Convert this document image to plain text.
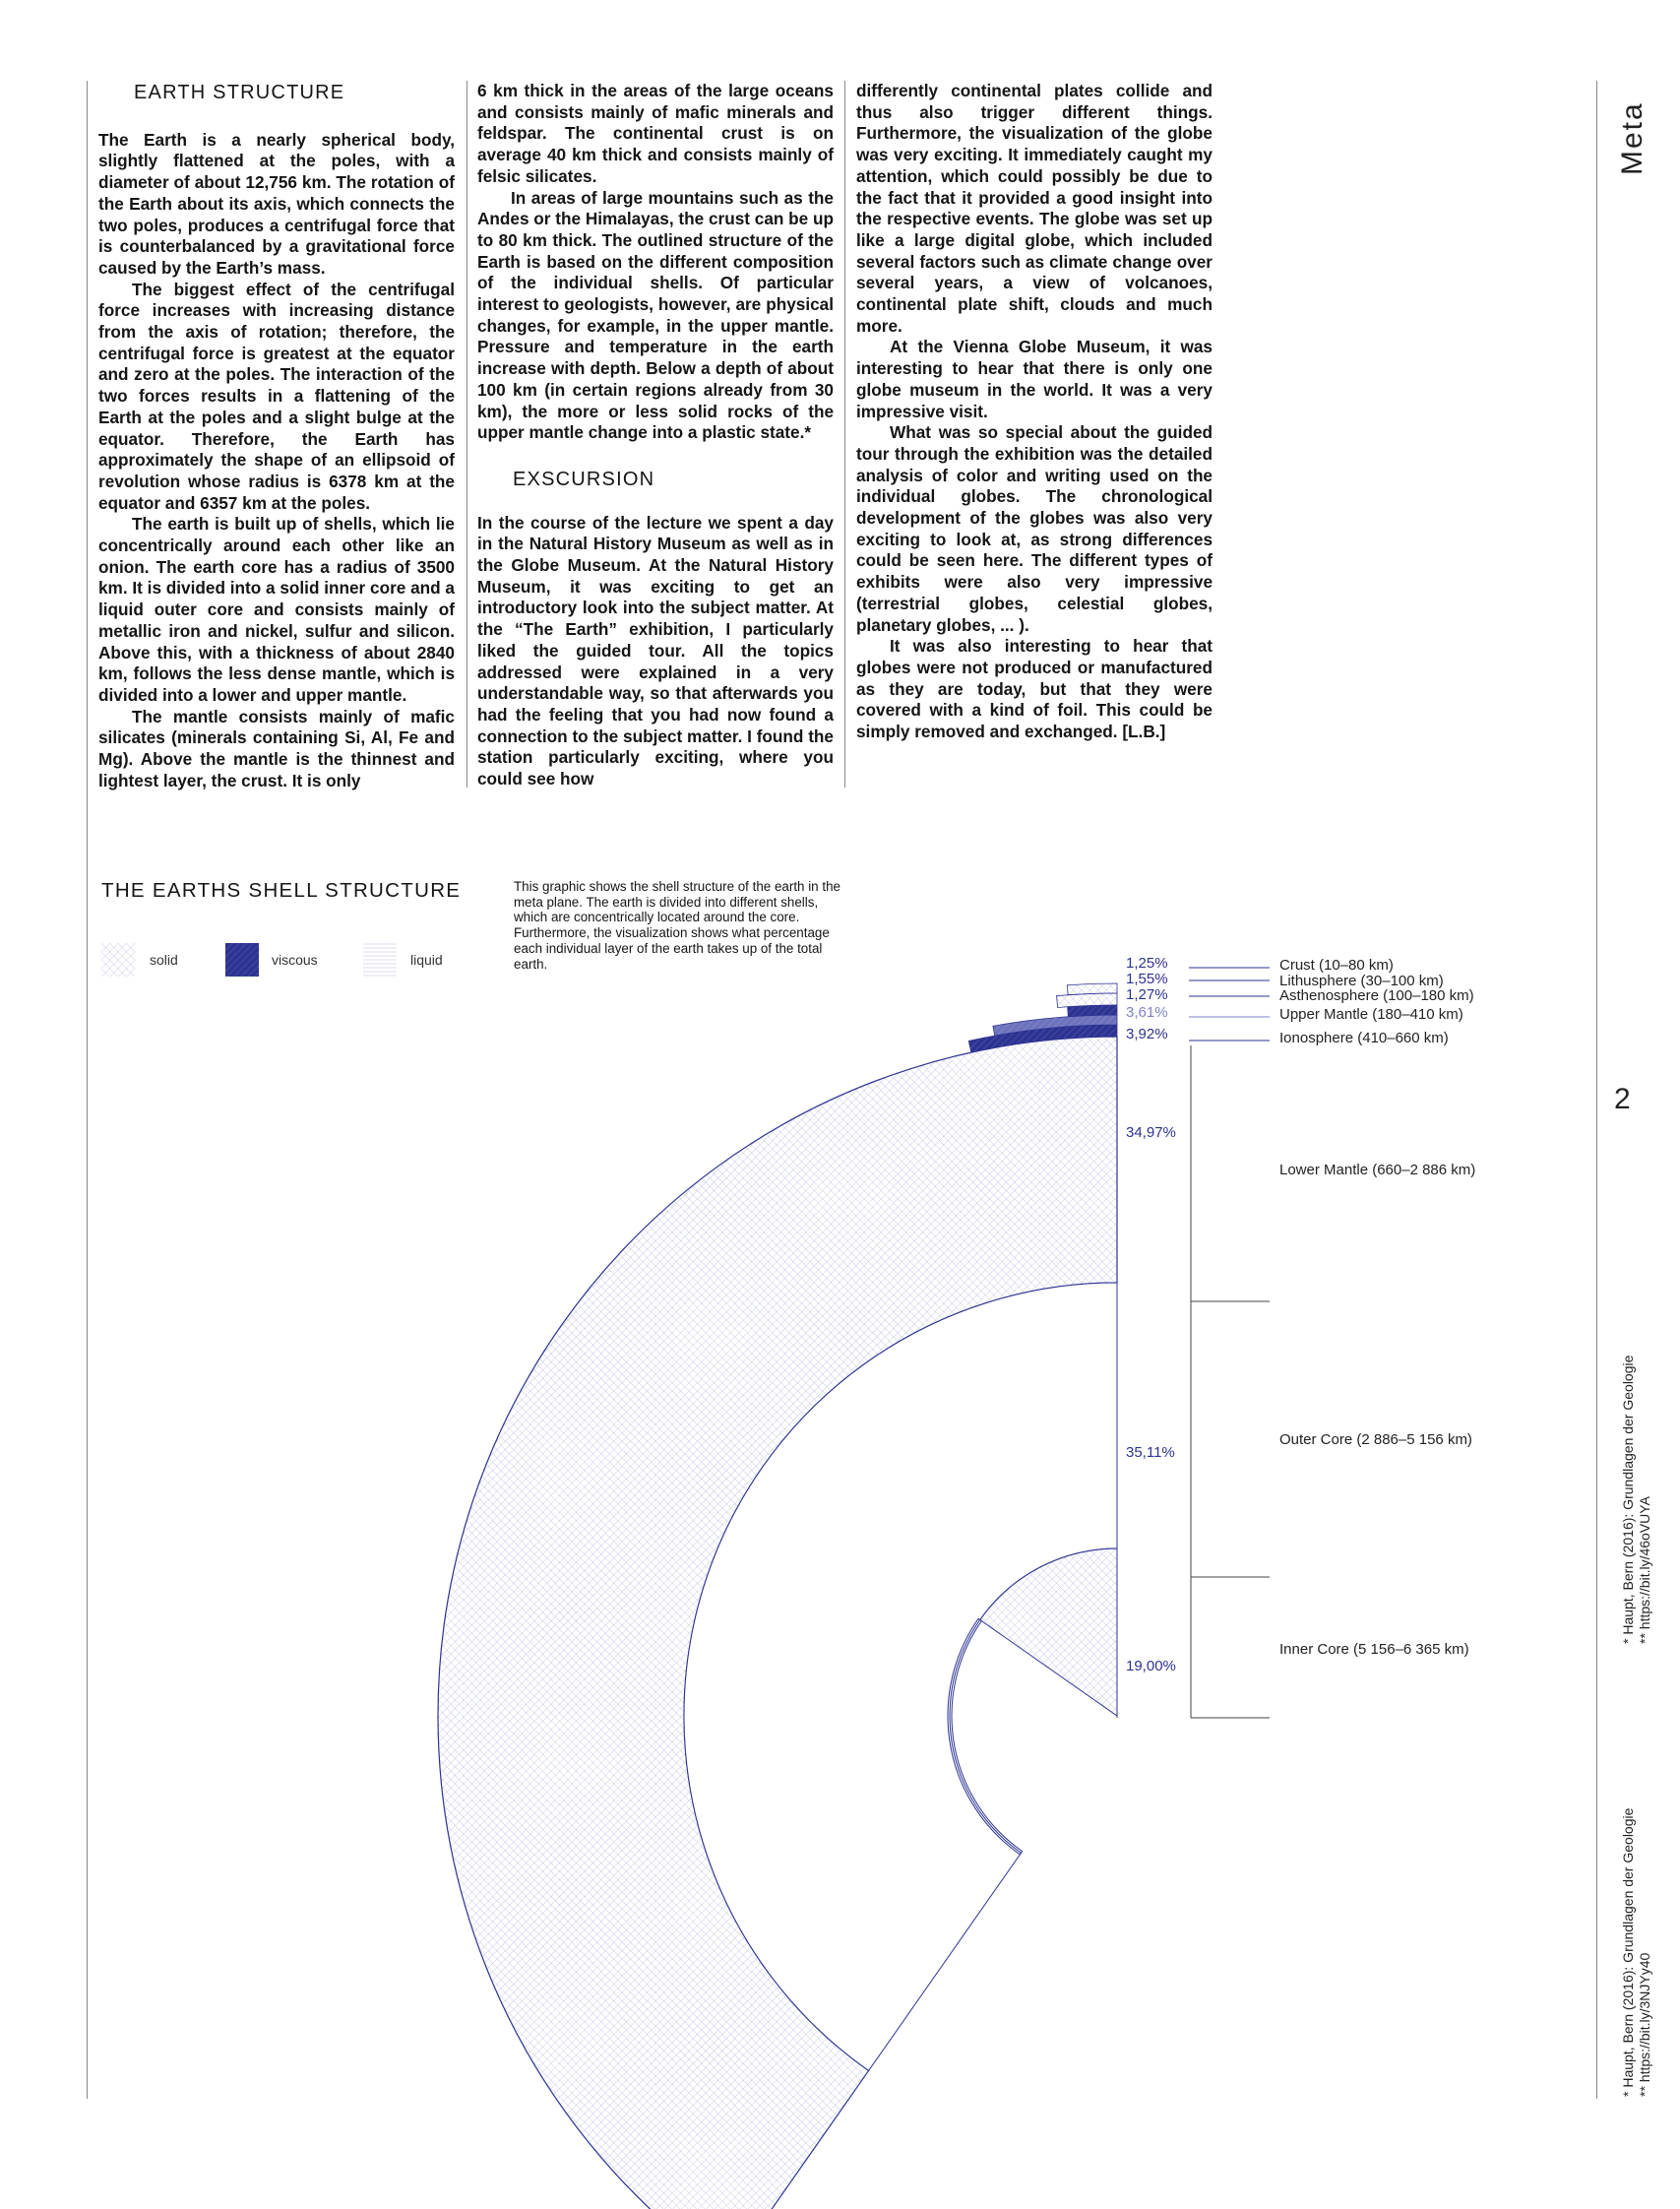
EARTH STRUCTURE

The Earth is a nearly spherical body, slightly flattened at the poles, with a diameter of about 12,756 km. The rotation of the Earth about its axis, which connects the two poles, produces a centrifugal force that is counterbalanced by a gravitational force caused by the Earth’s mass.

The biggest effect of the centrifugal force increases with increasing distance from the axis of rotation; therefore, the centrifugal force is greatest at the equator and zero at the poles. The interaction of the two forces results in a flattening of the Earth at the poles and a slight bulge at the equator. Therefore, the Earth has approximately the shape of an ellipsoid of revolution whose radius is 6378 km at the equator and 6357 km at the poles.

The earth is built up of shells, which lie concentrically around each other like an onion. The earth core has a radius of 3500 km. It is divided into a solid inner core and a liquid outer core and consists mainly of metallic iron and nickel, sulfur and silicon. Above this, with a thickness of about 2840 km, follows the less dense mantle, which is divided into a lower and upper mantle.

The mantle consists mainly of mafic silicates (minerals containing Si, Al, Fe and Mg). Above the mantle is the thinnest and lightest layer, the crust. It is only

6 km thick in the areas of the large oceans and consists mainly of mafic minerals and feldspar. The continental crust is on average 40 km thick and consists mainly of felsic silicates.

In areas of large mountains such as the Andes or the Himalayas, the crust can be up to 80 km thick. The outlined structure of the Earth is based on the different composition of the individual shells. Of particular interest to geologists, however, are physical changes, for example, in the upper mantle. Pressure and temperature in the earth increase with depth. Below a depth of about 100 km (in certain regions already from 30 km), the more or less solid rocks of the upper mantle change into a plastic state.*

EXSCURSION

In the course of the lecture we spent a day in the Natural History Museum as well as in the Globe Museum. At the Natural History Museum, it was exciting to get an introductory look into the subject matter. At the “The Earth” exhibition, I particularly liked the guided tour. All the topics addressed were explained in a very understandable way, so that afterwards you had the feeling that you had now found a connection to the subject matter. I found the station particularly exciting, where you could see how

differently continental plates collide and thus also trigger different things. Furthermore, the visualization of the globe was very exciting. It immediately caught my attention, which could possibly be due to the fact that it provided a good insight into the respective events. The globe was set up like a large digital globe, which included several factors such as climate change over several years, a view of volcanoes, continental plate shift, clouds and much more.

At the Vienna Globe Museum, it was interesting to hear that there is only one globe museum in the world. It was a very impressive visit.

What was so special about the guided tour through the exhibition was the detailed analysis of color and writing used on the individual globes. The chronological development of the globes was also very exciting to look at, as strong differences could be seen here. The different types of exhibits were also very impressive (terrestrial globes, celestial globes, planetary globes, ... ).

It was also interesting to hear that globes were not produced or manufactured as they are today, but that they were covered with a kind of foil. This could be simply removed and exchanged. [L.B.]

THE EARTHS SHELL STRUCTURE	This graphic shows the shell structure of the earth in the meta plane. The earth is divided into different shells, which are concentrically located around the core. Furthermore, the visualization shows what percentage each individual layer of the earth takes up of the total earth.
solid	viscous	liquid	1,25%	Crust (10–80 km)
1,55%	Lithusphere (30–100 km)
1,27%	Asthenosphere (100–180 km)
3,61%	Upper Mantle (180–410 km)
3,92%	Ionosphere (410–660 km)
34,97%
Lower Mantle (660–2 886 km)
35,11%
Outer Core (2 886–5 156 km)
19,00%
Inner Core (5 156–6 365 km)
Meta
2
* Haupt, Bern (2016): Grundlagen der Geologie ** https://bit.ly/46oVUYA
* Haupt, Bern (2016): Grundlagen der Geologie ** https://bit.ly/3NJYy40
